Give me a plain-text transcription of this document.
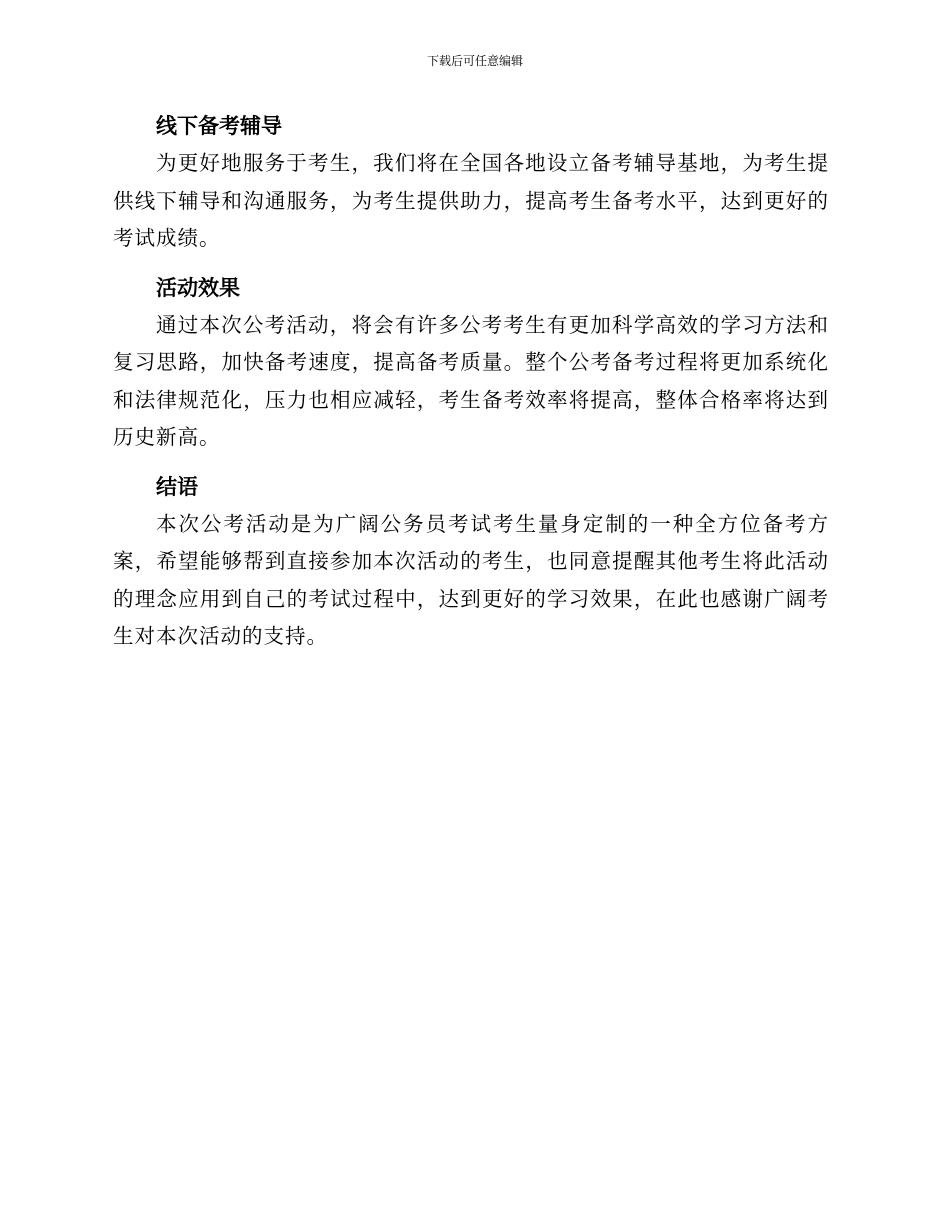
下载后可任意编辑
线下备考辅导

为更好地服务于考生，我们将在全国各地设立备考辅导基地，为考生提供线下辅导和沟通服务，为考生提供助力，提高考生备考水平，达到更好的考试成绩。

活动效果

通过本次公考活动，将会有许多公考考生有更加科学高效的学习方法和复习思路，加快备考速度，提高备考质量。整个公考备考过程将更加系统化和法律规范化，压力也相应减轻，考生备考效率将提高，整体合格率将达到历史新高。

结语

本次公考活动是为广阔公务员考试考生量身定制的一种全方位备考方案，希望能够帮到直接参加本次活动的考生，也同意提醒其他考生将此活动的理念应用到自己的考试过程中，达到更好的学习效果，在此也感谢广阔考生对本次活动的支持。
